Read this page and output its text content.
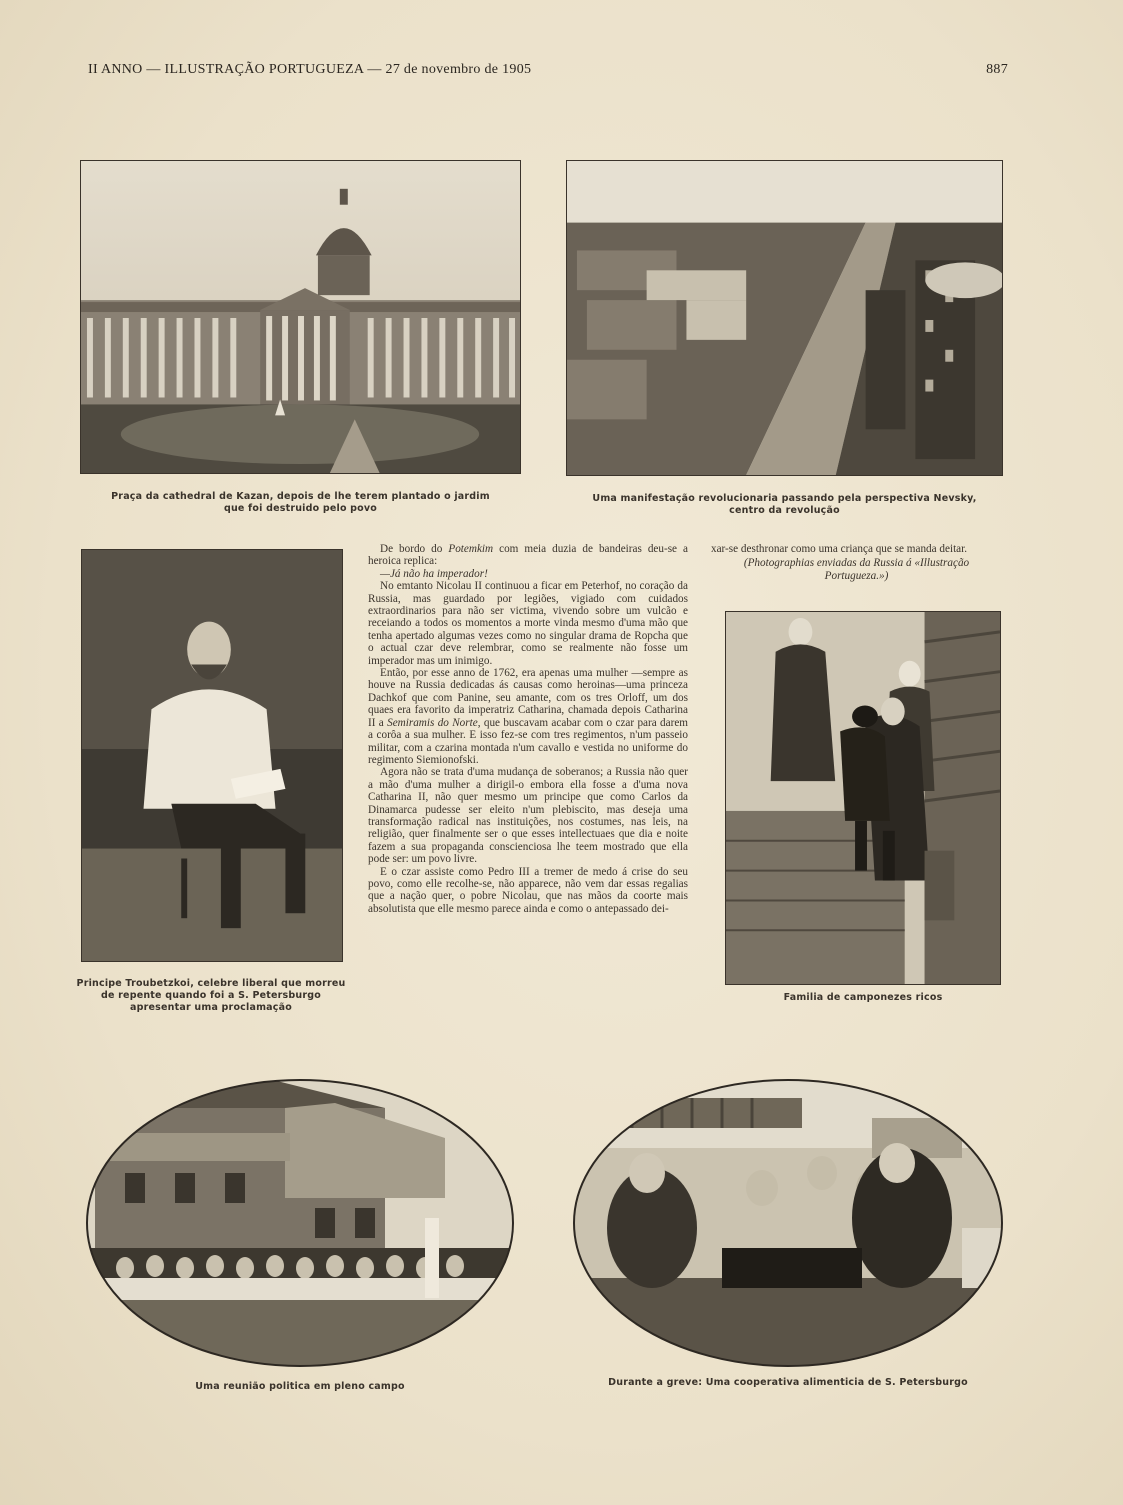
II ANNO — ILLUSTRAÇÃO PORTUGUEZA — 27 de novembro de 1905	887
Praça da cathedral de Kazan, depois de lhe terem plantado o jardim
que foi destruido pelo povo
Uma manifestação revolucionaria passando pela perspectiva Nevsky,
centro da revolução
Principe Troubetzkoi, celebre liberal que morreu
de repente quando foi a S. Petersburgo
apresentar uma proclamação

De bordo do Potemkim com meia duzia de bandeiras deu-se a heroica replica:

—Já não ha imperador!

No emtanto Nicolau II continuou a ficar em Peterhof, no coração da Russia, mas guardado por legiões, vigiado com cuidados extraordinarios para não ser victima, vivendo sobre um vulcão e receiando a todos os momentos a morte vinda mesmo d'uma mão que tenha apertado algumas vezes como no singular drama de Ropcha que o actual czar deve relembrar, como se realmente não fosse um imperador mas um inimigo.

Então, por esse anno de 1762, era apenas uma mulher —sempre as houve na Russia dedicadas ás causas como heroinas—uma princeza Dachkof que com Panine, seu amante, com os tres Orloff, um dos quaes era favorito da imperatriz Catharina, chamada depois Catharina II a Semiramis do Norte, que buscavam acabar com o czar para darem a corôa a sua mulher. E isso fez-se com tres regimentos, n'um passeio militar, com a czarina montada n'um cavallo e vestida no uniforme do regimento Siemionofski.

Agora não se trata d'uma mudança de soberanos; a Russia não quer a mão d'uma mulher a dirigil-o embora ella fosse a d'uma nova Catharina II, não quer mesmo um principe que como Carlos da Dinamarca pudesse ser eleito n'um plebiscito, mas deseja uma transformação radical nas instituições, nos costumes, nas leis, na religião, quer finalmente ser o que esses intellectuaes que dia e noite fazem a sua propaganda conscienciosa lhe teem mostrado que ella pode ser: um povo livre.

E o czar assiste como Pedro III a tremer de medo á crise do seu povo, como elle recolhe-se, não apparece, não vem dar essas regalias que a nação quer, o pobre Nicolau, que nas mãos da coorte mais absolutista que elle mesmo parece ainda e como o antepassado dei-

xar-se desthronar como uma criança que se manda deitar.

(Photographias enviadas da Russia á «Illustração Portugueza.»)

Familia de camponezes ricos
Uma reunião politica em pleno campo	Durante a greve: Uma cooperativa alimenticia de S. Petersburgo
